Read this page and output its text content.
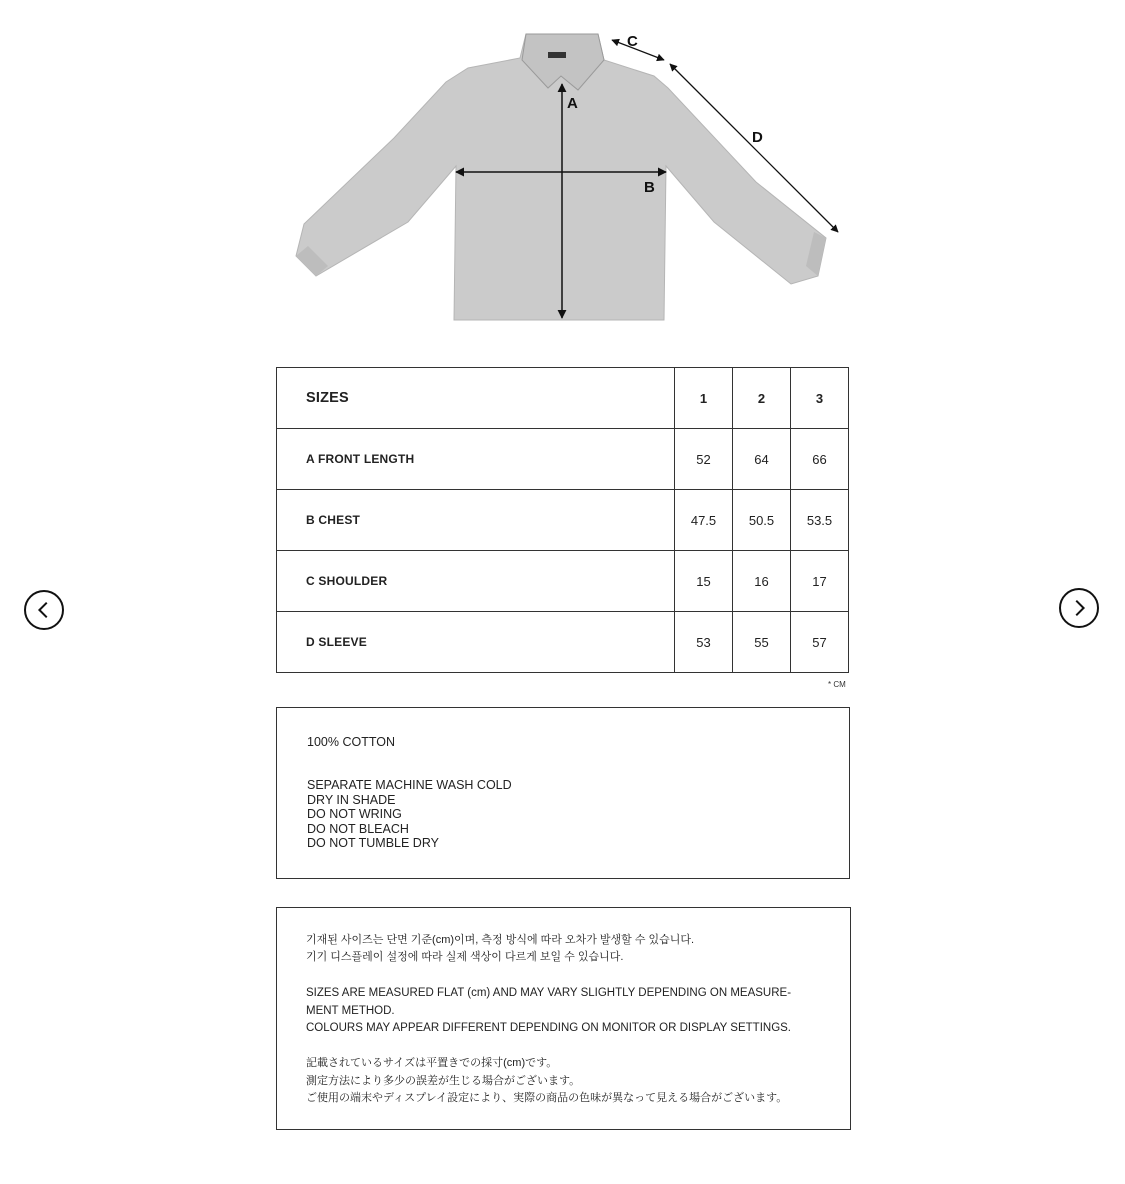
A
B
C
D
SIZES	1	2	3
A FRONT LENGTH	52	64	66
B CHEST	47.5	50.5	53.5
C SHOULDER	15	16	17
D SLEEVE	53	55	57
* CM
100% COTTON
SEPARATE MACHINE WASH COLD
DRY IN SHADE
DO NOT WRING
DO NOT BLEACH
DO NOT TUMBLE DRY
기재된 사이즈는 단면 기준(cm)이며, 측정 방식에 따라 오차가 발생할 수 있습니다.
기기 디스플레이 설정에 따라 실제 색상이 다르게 보일 수 있습니다.
SIZES ARE MEASURED FLAT (cm) AND MAY VARY SLIGHTLY DEPENDING ON MEASURE-
MENT METHOD.
COLOURS MAY APPEAR DIFFERENT DEPENDING ON MONITOR OR DISPLAY SETTINGS.
記載されているサイズは平置きでの採寸(cm)です。
測定方法により多少の誤差が生じる場合がございます。
ご使用の端末やディスプレイ設定により、実際の商品の色味が異なって見える場合がございます。
